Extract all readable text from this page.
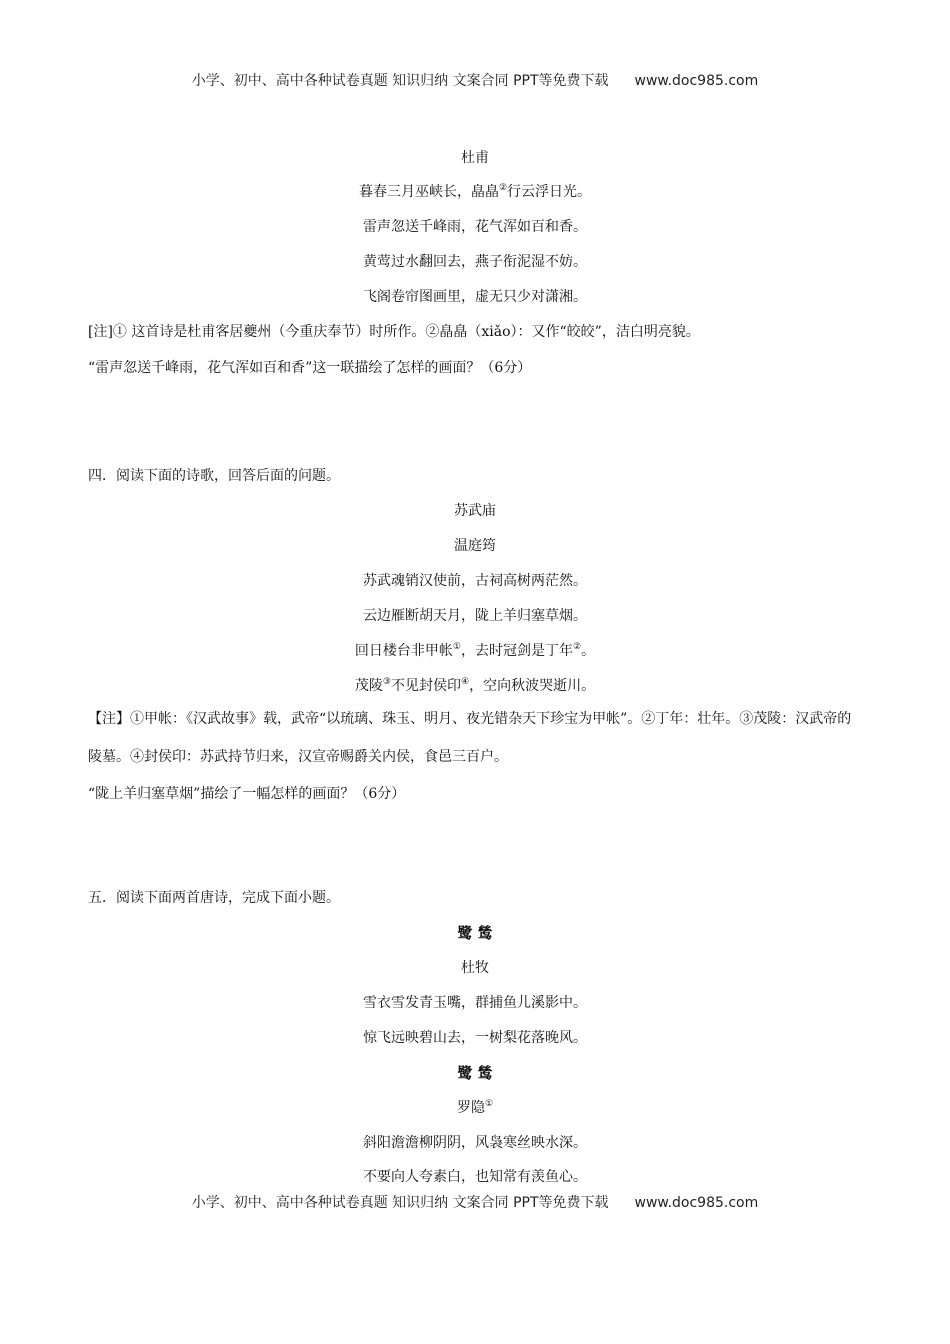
小学、初中、高中各种试卷真题 知识归纳 文案合同 PPT等免费下载 www.doc985.com
杜甫
暮春三月巫峡长，皛皛②行云浮日光。
雷声忽送千峰雨，花气浑如百和香。
黄莺过水翻回去，燕子衔泥湿不妨。
飞阁卷帘图画里，虚无只少对潇湘。
[注]① 这首诗是杜甫客居夔州（今重庆奉节）时所作。②皛皛（xiǎo）：又作“皎皎”，洁白明亮貌。
“雷声忽送千峰雨，花气浑如百和香”这一联描绘了怎样的画面？（6分）
四．阅读下面的诗歌，回答后面的问题。
苏武庙
温庭筠
苏武魂销汉使前，古祠高树两茫然。
云边雁断胡天月，陇上羊归塞草烟。
回日楼台非甲帐①，去时冠剑是丁年②。
茂陵③不见封侯印④，空向秋波哭逝川。
【注】①甲帐：《汉武故事》载，武帝“以琉璃、珠玉、明月、夜光错杂天下珍宝为甲帐”。②丁年：壮年。③茂陵：汉武帝的陵墓。④封侯印：苏武持节归来，汉宣帝赐爵关内侯，食邑三百户。
“陇上羊归塞草烟”描绘了一幅怎样的画面？（6分）
五．阅读下面两首唐诗，完成下面小题。
鹭 鸶
杜牧
雪衣雪发青玉嘴，群捕鱼儿溪影中。
惊飞远映碧山去，一树梨花落晚风。
鹭 鸶
罗隐①
斜阳澹澹柳阴阴，风袅寒丝映水深。
不要向人夸素白，也知常有羡鱼心。
小学、初中、高中各种试卷真题 知识归纳 文案合同 PPT等免费下载 www.doc985.com
